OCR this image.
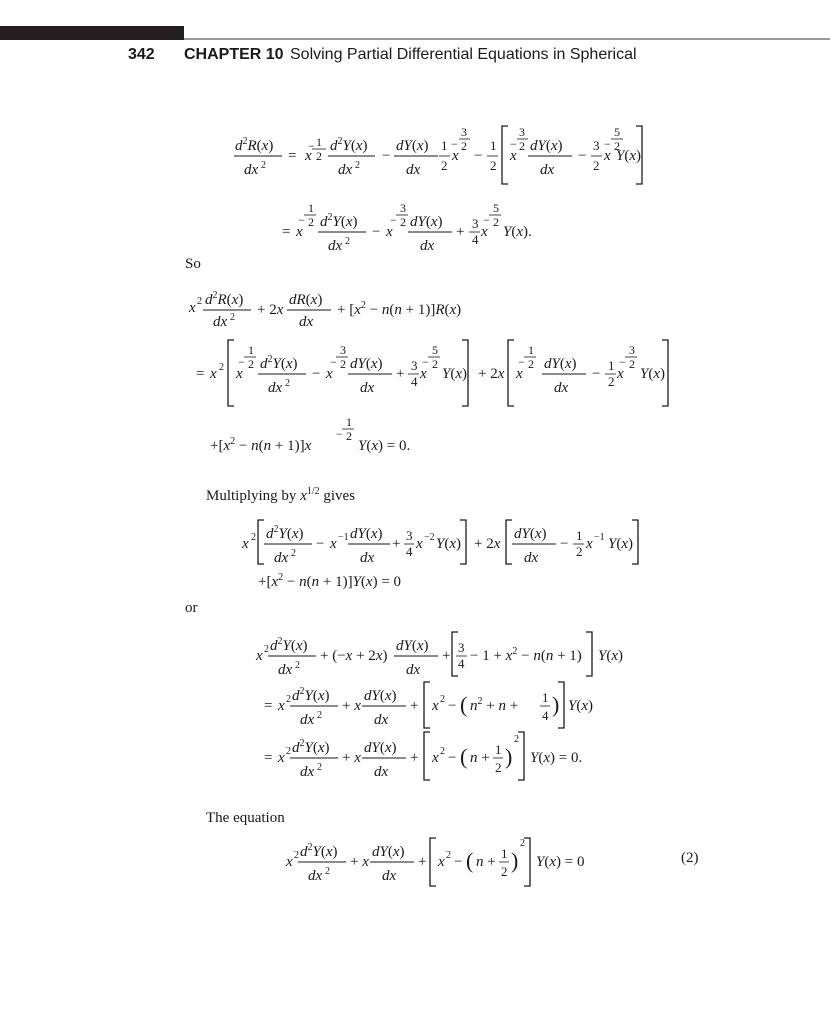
342 CHAPTER 10 Solving Partial Differential Equations in Spherical
$d^2R(x)$
dx 2
= x
1
2
− $d^2Y(x)$
dx 2
−
dY(x)
dx
1
2
x
3
2
−
−
1
2
x
3
2
− dY(x)
dx
−
3
2
x
5
2
−
Y(x)
= x
1
2
− $d^2Y(x)$
dx 2
− x
3
2
− dY(x)
dx
+
3
4 x
5
2
−
Y(x).
So
x 2 $d^2R(x)$
dx 2 + 2x
dR(x)
dx
+ $[x^2 - n(n + 1)]R(x)$
= x 2 x
1
2
− $d^2Y(x)$
dx 2
− x
3
2
− dY(x)
dx
+
3
4 x
5
2
−
Y(x) + 2x x
1
2
− dY(x)
dx
−
1
2 x
3
2
−
Y(x)
$+[x^2 - n(n + 1)]x$
1
2
−
Y(x) = 0.
Multiplying by $x^{1/2}$ gives
x 2 $d^2Y(x)$
dx 2
− x −1 dY(x)
dx
+
3
4 x −2 Y(x) + 2x
dY(x)
dx
−
1
2 x −1 Y(x)
$+[x^2 - n(n + 1)]Y(x) = 0$
or
x 2 $d^2Y(x)$
dx 2
+ (−x + 2x)
dY(x)
dx
+
3
$4 - 1 + x^2 - n(n + 1)$ Y(x)
= x 2 $d^2Y(x)$
dx 2
+ x
dY(x)
dx
+ x 2 − ( $n^2 + n$ +
1
4 ) Y(x)
= x 2 $d^2Y(x)$
dx 2
+ x
dY(x)
dx
+ x 2 − ( n +
1
2 )
2
Y(x) = 0.
The equation
x 2 $d^2Y(x)$
dx 2
+ x
dY(x)
dx
+ x 2 − ( n +
1
2 )
2
Y(x) = 0	(2)
